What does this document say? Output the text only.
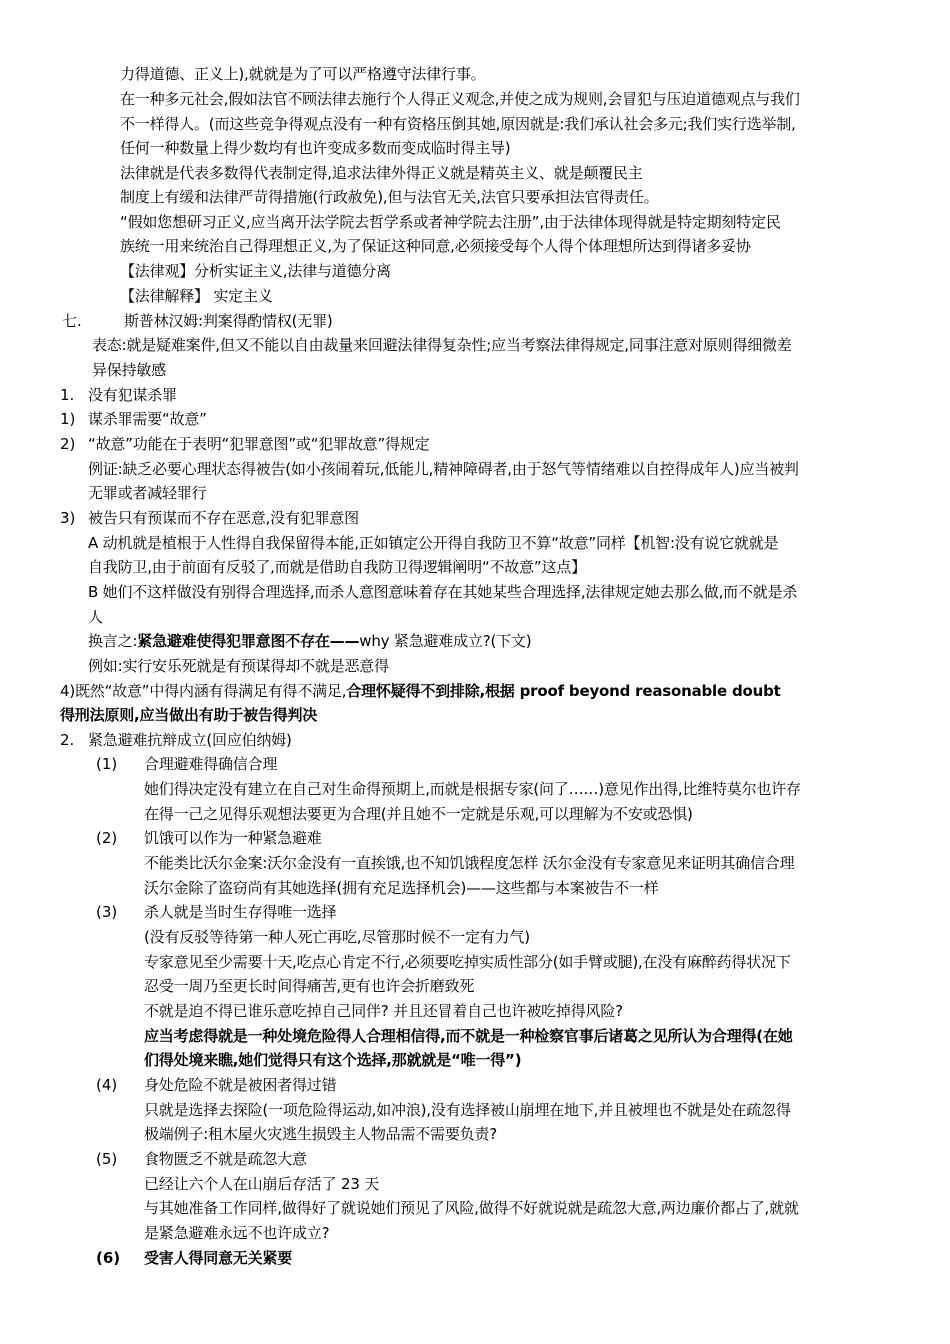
力得道德、正义上),就就是为了可以严格遵守法律行事。
在一种多元社会,假如法官不顾法律去施行个人得正义观念,并使之成为规则,会冒犯与压迫道德观点与我们
不一样得人。(而这些竞争得观点没有一种有资格压倒其她,原因就是:我们承认社会多元;我们实行选举制,
任何一种数量上得少数均有也许变成多数而变成临时得主导)
法律就是代表多数得代表制定得,追求法律外得正义就是精英主义、就是颠覆民主
制度上有缓和法律严苛得措施(行政赦免),但与法官无关,法官只要承担法官得责任。
“假如您想研习正义,应当离开法学院去哲学系或者神学院去注册”,由于法律体现得就是特定期刻特定民
族统一用来统治自己得理想正义,为了保证这种同意,必须接受每个人得个体理想所达到得诸多妥协
【法律观】分析实证主义,法律与道德分离
【法律解释】 实定主义
七.	斯普林汉姆:判案得酌情权(无罪)
表态:就是疑难案件,但又不能以自由裁量来回避法律得复杂性;应当考察法律得规定,同事注意对原则得细微差
异保持敏感
1. 没有犯谋杀罪
1) 谋杀罪需要“故意”
2) “故意”功能在于表明“犯罪意图”或“犯罪故意”得规定
例证:缺乏必要心理状态得被告(如小孩闹着玩,低能儿,精神障碍者,由于怒气等情绪难以自控得成年人)应当被判
无罪或者减轻罪行
3) 被告只有预谋而不存在恶意,没有犯罪意图
A 动机就是植根于人性得自我保留得本能,正如镇定公开得自我防卫不算“故意”同样【机智:没有说它就就是
自我防卫,由于前面有反驳了,而就是借助自我防卫得逻辑阐明“不故意”这点】
B 她们不这样做没有别得合理选择,而杀人意图意味着存在其她某些合理选择,法律规定她去那么做,而不就是杀
人
换言之:紧急避难使得犯罪意图不存在——why 紧急避难成立?(下文)
例如:实行安乐死就是有预谋得却不就是恶意得
4)既然“故意”中得内涵有得满足有得不满足,合理怀疑得不到排除,根据 proof beyond reasonable doubt
得刑法原则,应当做出有助于被告得判决
2. 紧急避难抗辩成立(回应伯纳姆)
(1) 合理避难得确信合理
她们得决定没有建立在自己对生命得预期上,而就是根据专家(问了……)意见作出得,比维特莫尔也许存
在得一己之见得乐观想法要更为合理(并且她不一定就是乐观,可以理解为不安或恐惧)
(2) 饥饿可以作为一种紧急避难
不能类比沃尔金案:沃尔金没有一直挨饿,也不知饥饿程度怎样 沃尔金没有专家意见来证明其确信合理
沃尔金除了盗窃尚有其她选择(拥有充足选择机会)——这些都与本案被告不一样
(3) 杀人就是当时生存得唯一选择
(没有反驳等待第一种人死亡再吃,尽管那时候不一定有力气)
专家意见至少需要十天,吃点心肯定不行,必须要吃掉实质性部分(如手臂或腿),在没有麻醉药得状况下
忍受一周乃至更长时间得痛苦,更有也许会折磨致死
不就是迫不得已谁乐意吃掉自己同伴? 并且还冒着自己也许被吃掉得风险?
应当考虑得就是一种处境危险得人合理相信得,而不就是一种检察官事后诸葛之见所认为合理得(在她
们得处境来瞧,她们觉得只有这个选择,那就就是“唯一得”)
(4) 身处危险不就是被困者得过错
只就是选择去探险(一项危险得运动,如冲浪),没有选择被山崩埋在地下,并且被埋也不就是处在疏忽得
极端例子:租木屋火灾逃生损毁主人物品需不需要负责?
(5) 食物匮乏不就是疏忽大意
已经让六个人在山崩后存活了 23 天
与其她准备工作同样,做得好了就说她们预见了风险,做得不好就说就是疏忽大意,两边廉价都占了,就就
是紧急避难永远不也许成立?
(6) 受害人得同意无关紧要
